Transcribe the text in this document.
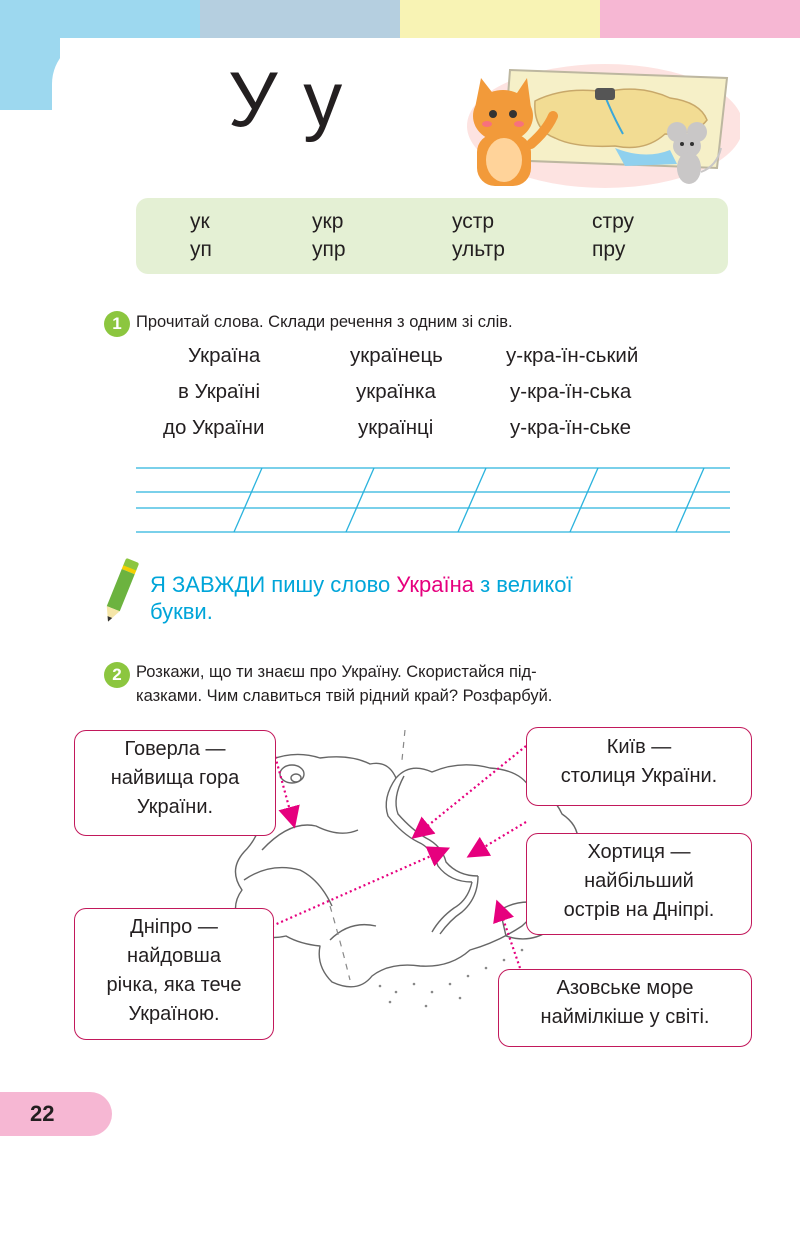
У у
ук	укр	устр	стру
уп	упр	ультр	пру
1 Прочитай слова. Склади речення з одним зі слів.
Україна	українець	у-кра-їн-ський
в Україні	українка	у-кра-їн-ська
до України	українці	у-кра-їн-ське
Я ЗАВЖДИ пишу слово Україна з великої
букви.
2 Розкажи, що ти знаєш про Україну. Скористайся під-
казками. Чим славиться твій рідний край? Розфарбуй.
Говерла —
найвища гора
України.
Київ —
столиця України.
Хортиця —
найбільший
острів на Дніпрі.
Дніпро —
найдовша
річка, яка тече
Україною.
Азовське море
наймілкіше у світі.
22
